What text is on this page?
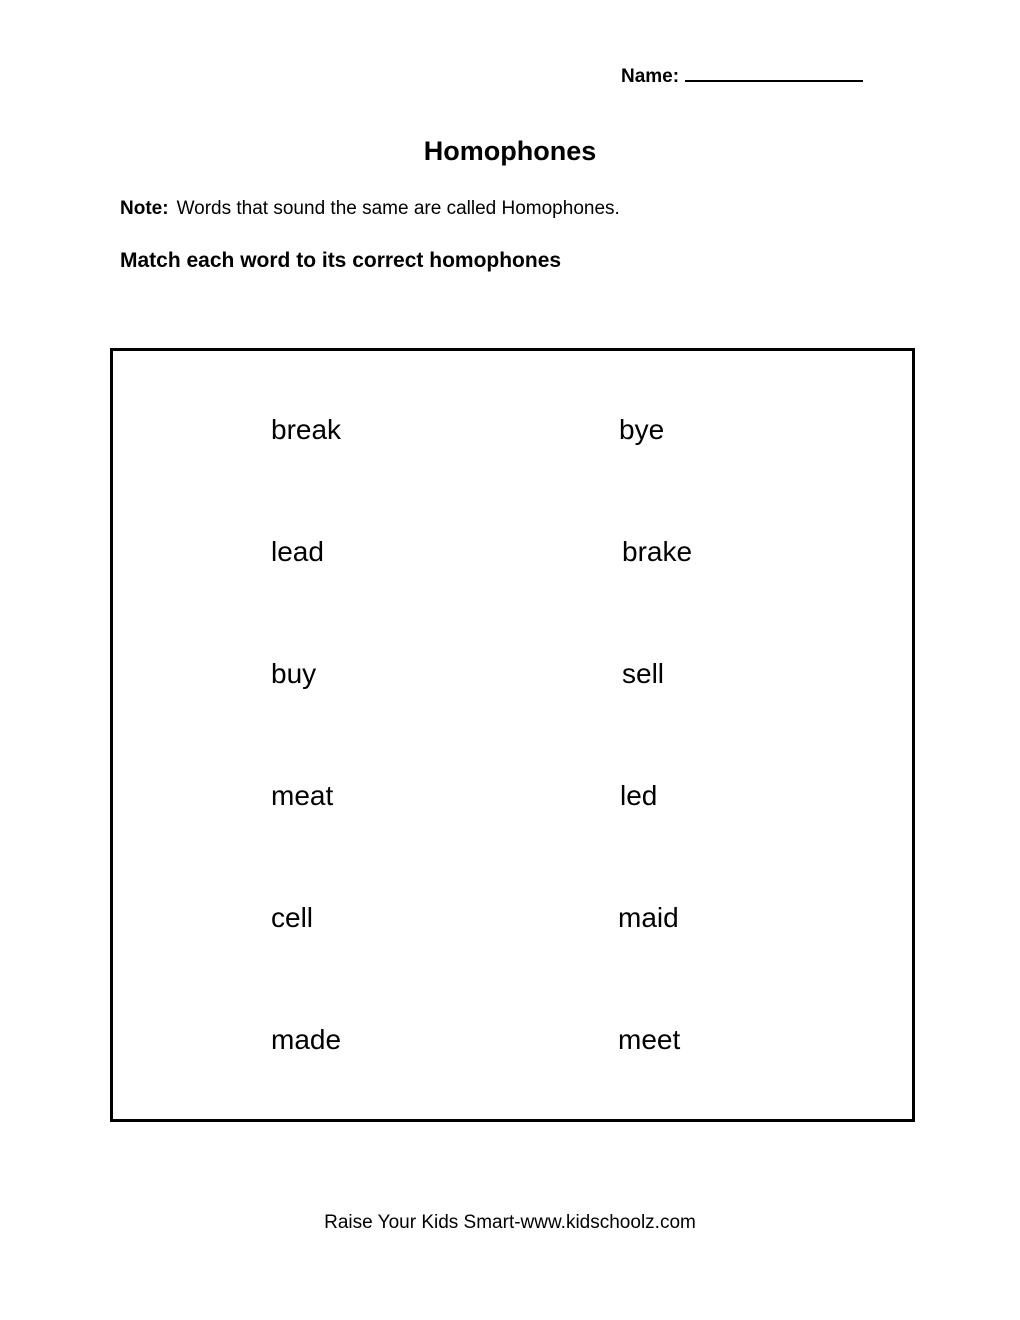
Name:
Homophones
Note: Words that sound the same are called Homophones.
Match each word to its correct homophones
break
lead
buy
meat
cell
made
bye
brake
sell
led
maid
meet
Raise Your Kids Smart-www.kidschoolz.com
